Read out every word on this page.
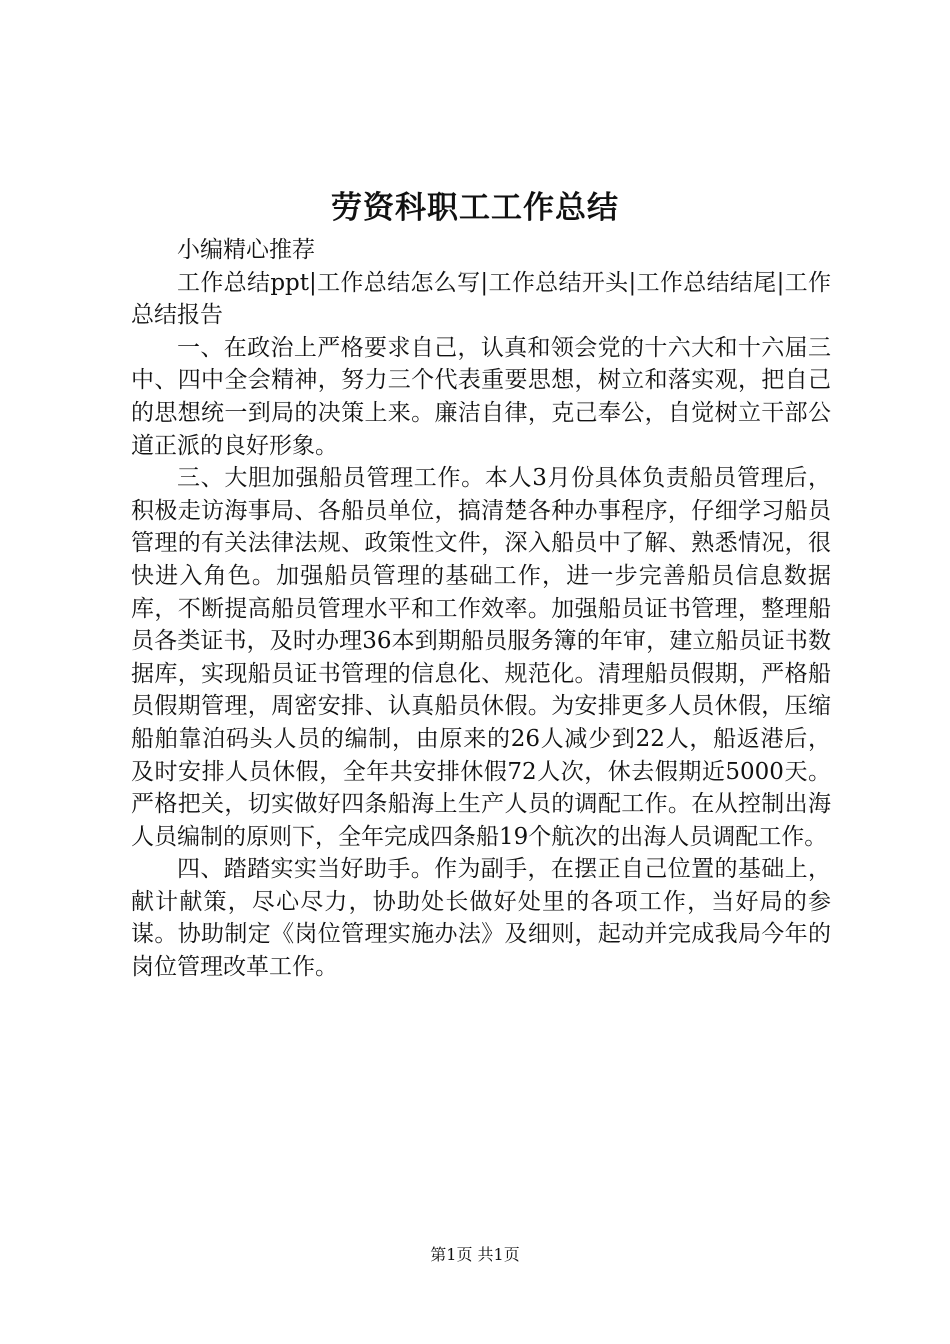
劳资科职工工作总结

小编精心推荐

工作总结ppt|工作总结怎么写|工作总结开头|工作总结结尾|工作总结报告

一、在政治上严格要求自己，认真和领会党的十六大和十六届三中、四中全会精神，努力三个代表重要思想，树立和落实观，把自己的思想统一到局的决策上来。廉洁自律，克己奉公，自觉树立干部公道正派的良好形象。

三、大胆加强船员管理工作。本人3月份具体负责船员管理后，积极走访海事局、各船员单位，搞清楚各种办事程序，仔细学习船员管理的有关法律法规、政策性文件，深入船员中了解、熟悉情况，很快进入角色。加强船员管理的基础工作，进一步完善船员信息数据库，不断提高船员管理水平和工作效率。加强船员证书管理，整理船员各类证书，及时办理36本到期船员服务簿的年审，建立船员证书数据库，实现船员证书管理的信息化、规范化。清理船员假期，严格船员假期管理，周密安排、认真船员休假。为安排更多人员休假，压缩船舶靠泊码头人员的编制，由原来的26人减少到22人，船返港后，及时安排人员休假，全年共安排休假72人次，休去假期近5000天。严格把关，切实做好四条船海上生产人员的调配工作。在从控制出海人员编制的原则下，全年完成四条船19个航次的出海人员调配工作。

四、踏踏实实当好助手。作为副手，在摆正自己位置的基础上，献计献策，尽心尽力，协助处长做好处里的各项工作，当好局的参谋。协助制定《岗位管理实施办法》及细则，起动并完成我局今年的岗位管理改革工作。

第1页 共1页
